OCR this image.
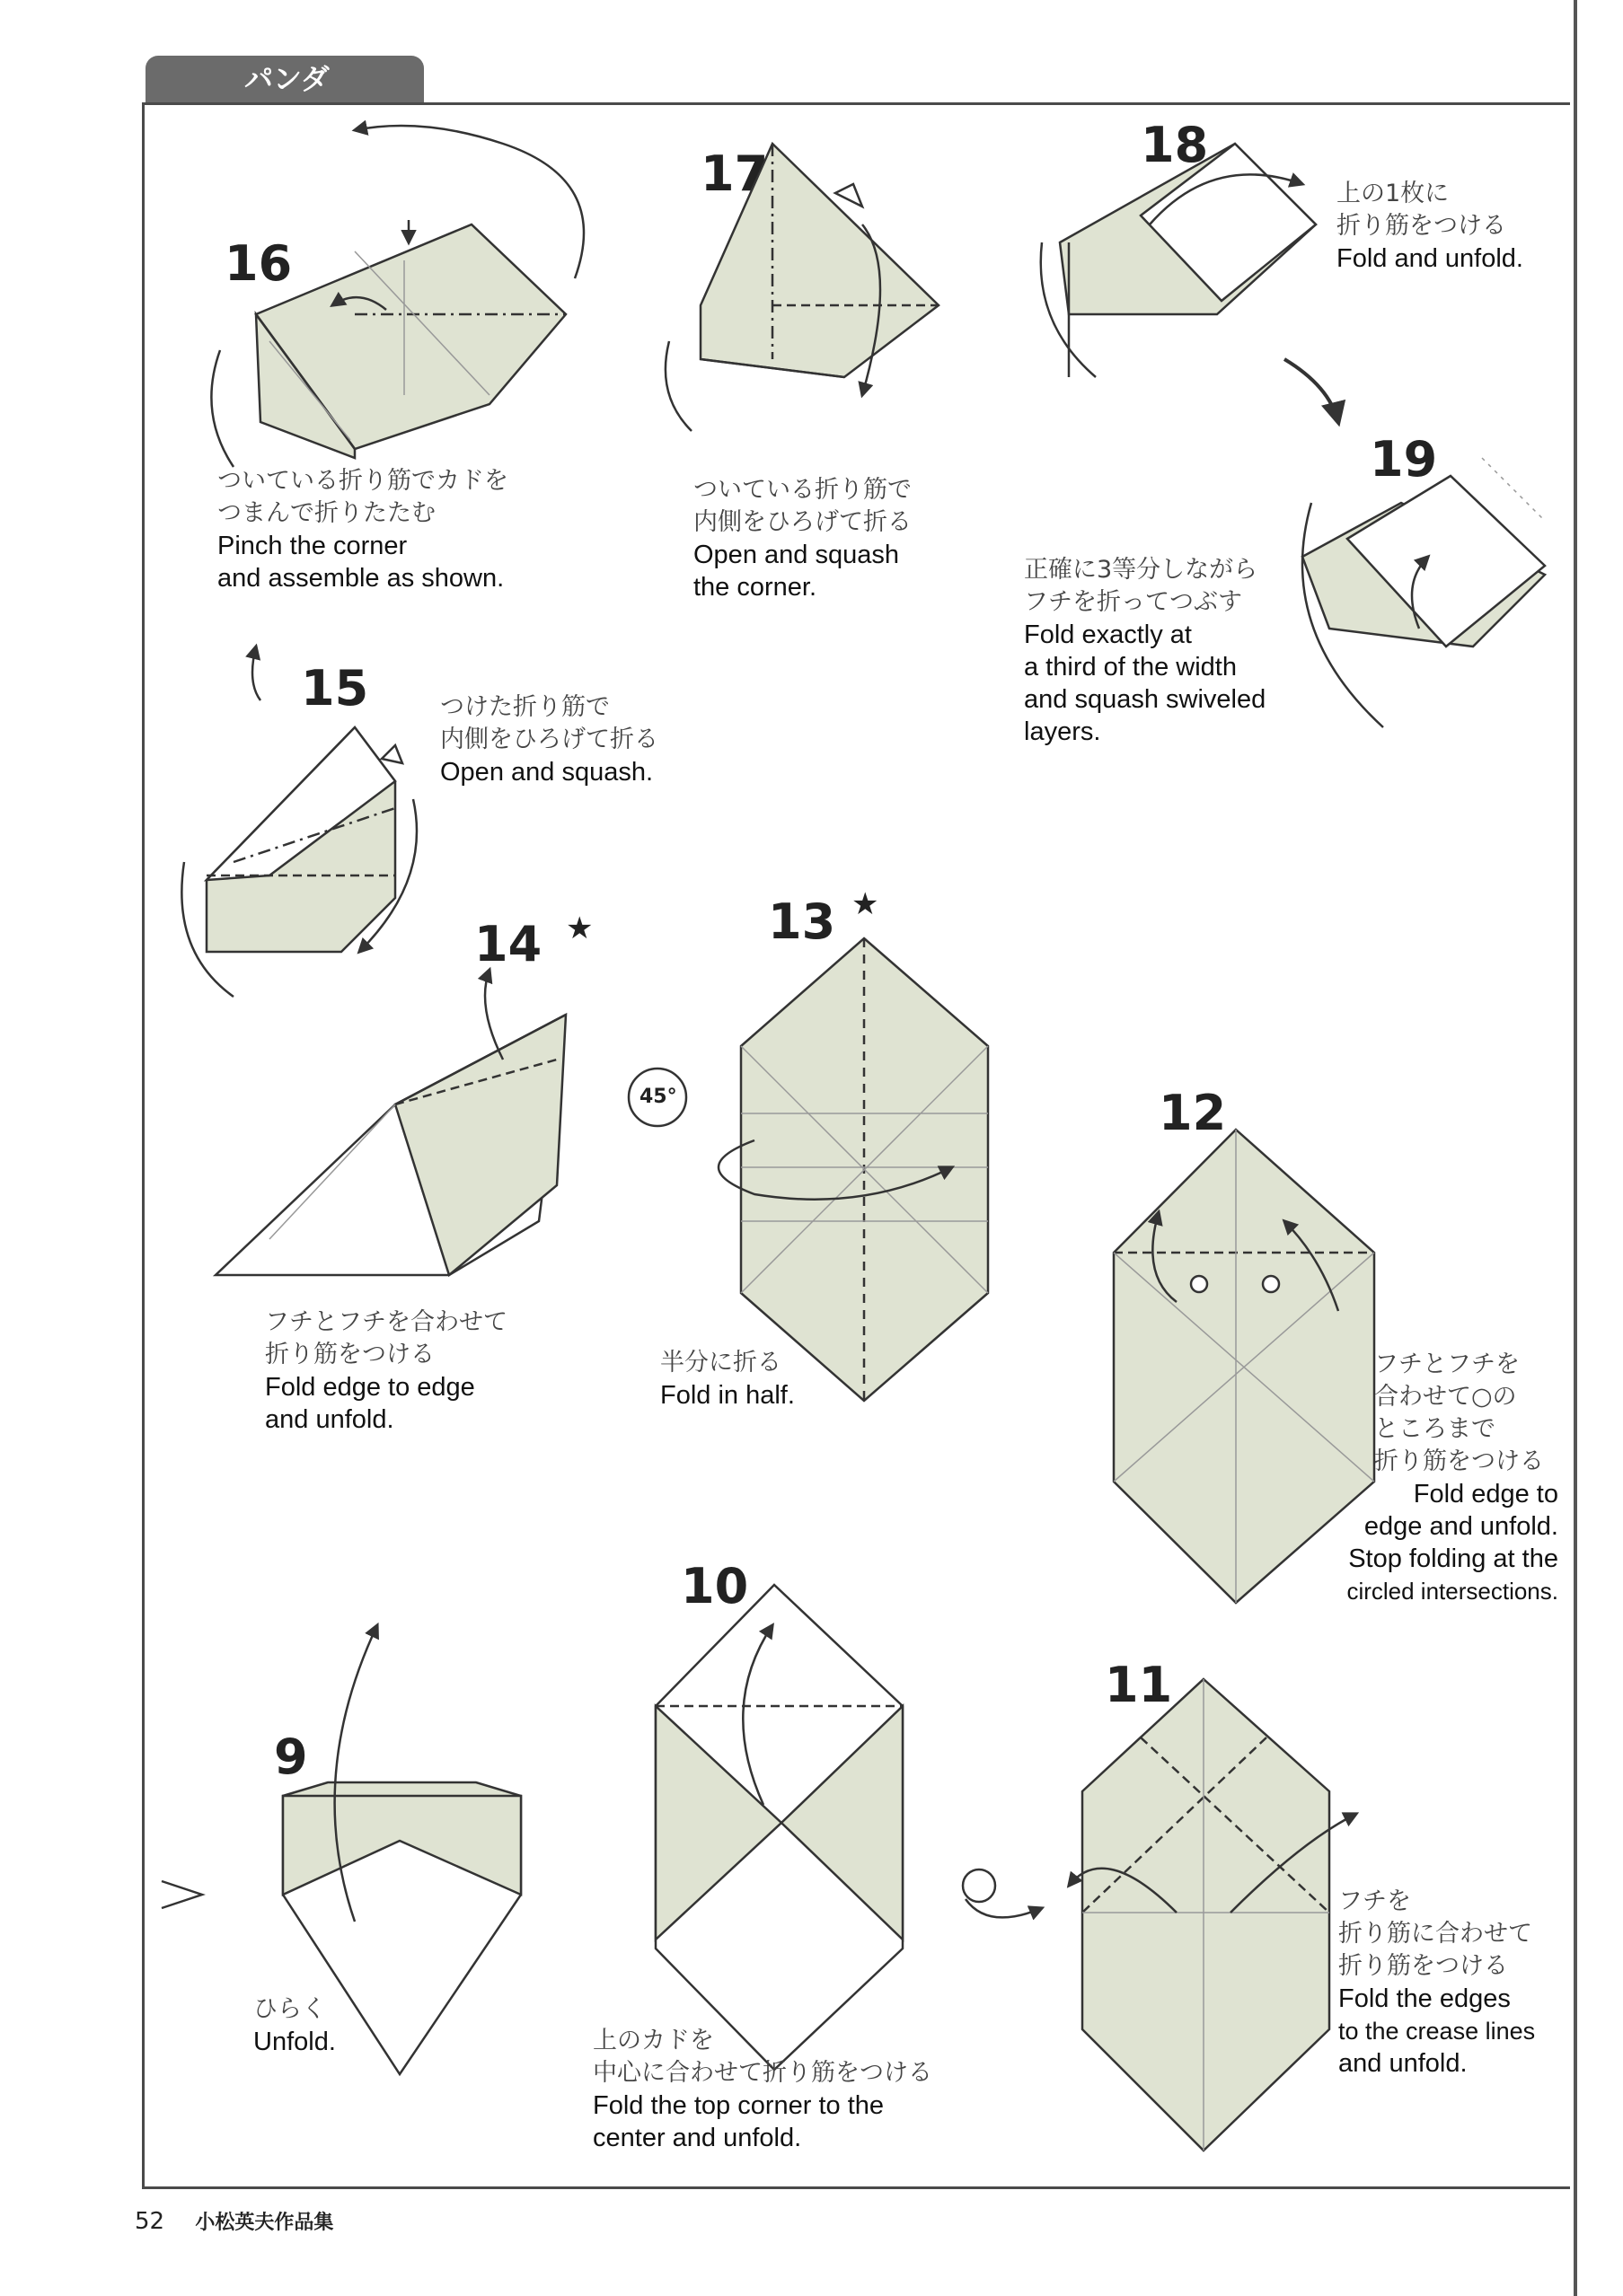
パンダ
★
★
45°
16
17
18
19
15
14	13
12
10
9
11
ついている折り筋でカドを
つまんで折りたたむ
Pinch the corner
and assemble as shown.
ついている折り筋で
内側をひろげて折る
Open and squash
the corner.
上の1枚に
折り筋をつける
Fold and unfold.
正確に3等分しながら
フチを折ってつぶす
Fold exactly at
a third of the width
and squash swiveled
layers.
つけた折り筋で
内側をひろげて折る
Open and squash.
フチとフチを合わせて
折り筋をつける
Fold edge to edge
and unfold.
半分に折る
Fold in half.
フチとフチを
合わせて○の
ところまで
折り筋をつける
Fold edge to
edge and unfold.
Stop folding at the
circled intersections.
ひらく
Unfold.	上のカドを
中心に合わせて折り筋をつける
Fold the top corner to the
center and unfold.
フチを
折り筋に合わせて
折り筋をつける
Fold the edges
to the crease lines
and unfold.
52 小松英夫作品集
